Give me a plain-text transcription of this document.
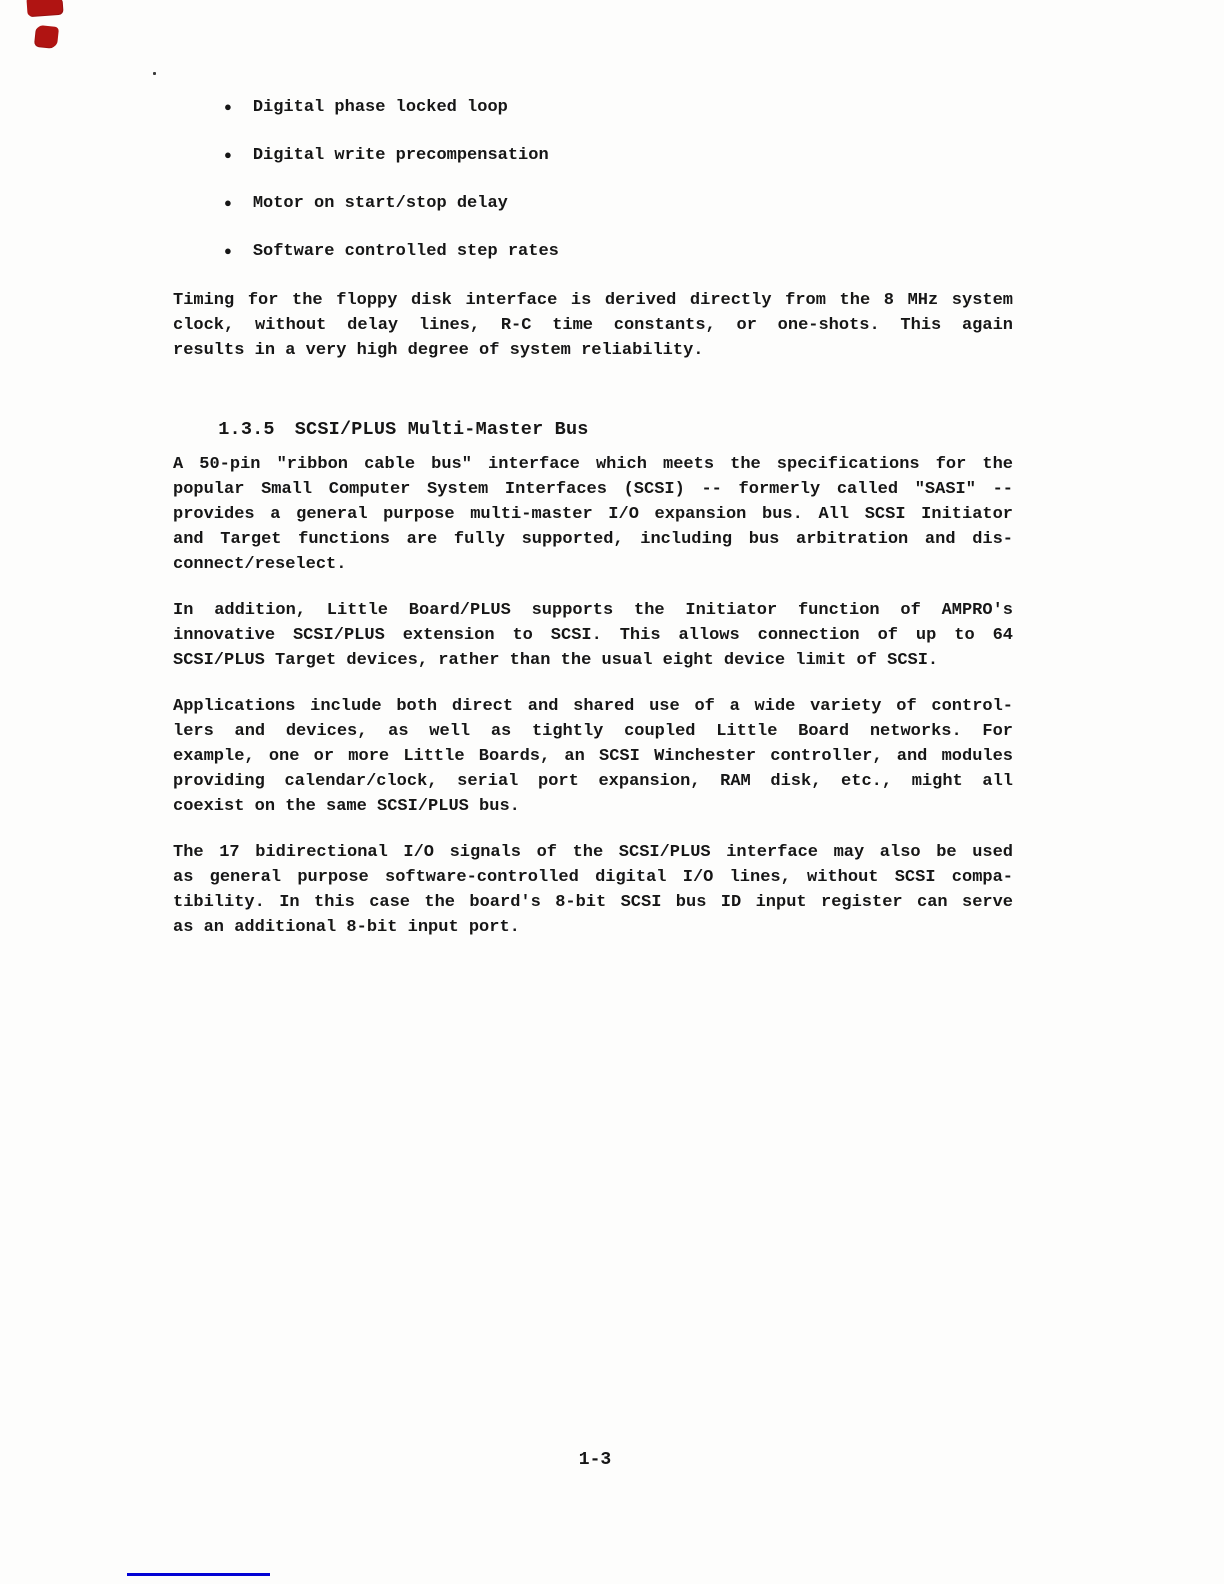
● Digital phase locked loop
● Digital write precompensation
● Motor on start/stop delay
● Software controlled step rates
Timing for the floppy disk interface is derived directly from the 8 MHz system
clock, without delay lines, R-C time constants, or one-shots. This again
results in a very high degree of system reliability.

1.3.5 SCSI/PLUS Multi-Master Bus

A 50-pin "ribbon cable bus" interface which meets the specifications for the
popular Small Computer System Interfaces (SCSI) -- formerly called "SASI" --
provides a general purpose multi-master I/O expansion bus. All SCSI Initiator
and Target functions are fully supported, including bus arbitration and dis-
connect/reselect.
In addition, Little Board/PLUS supports the Initiator function of AMPRO's
innovative SCSI/PLUS extension to SCSI. This allows connection of up to 64
SCSI/PLUS Target devices, rather than the usual eight device limit of SCSI.
Applications include both direct and shared use of a wide variety of control-
lers and devices, as well as tightly coupled Little Board networks. For
example, one or more Little Boards, an SCSI Winchester controller, and modules
providing calendar/clock, serial port expansion, RAM disk, etc., might all
coexist on the same SCSI/PLUS bus.
The 17 bidirectional I/O signals of the SCSI/PLUS interface may also be used
as general purpose software-controlled digital I/O lines, without SCSI compa-
tibility. In this case the board's 8-bit SCSI bus ID input register can serve
as an additional 8-bit input port.
1-3
